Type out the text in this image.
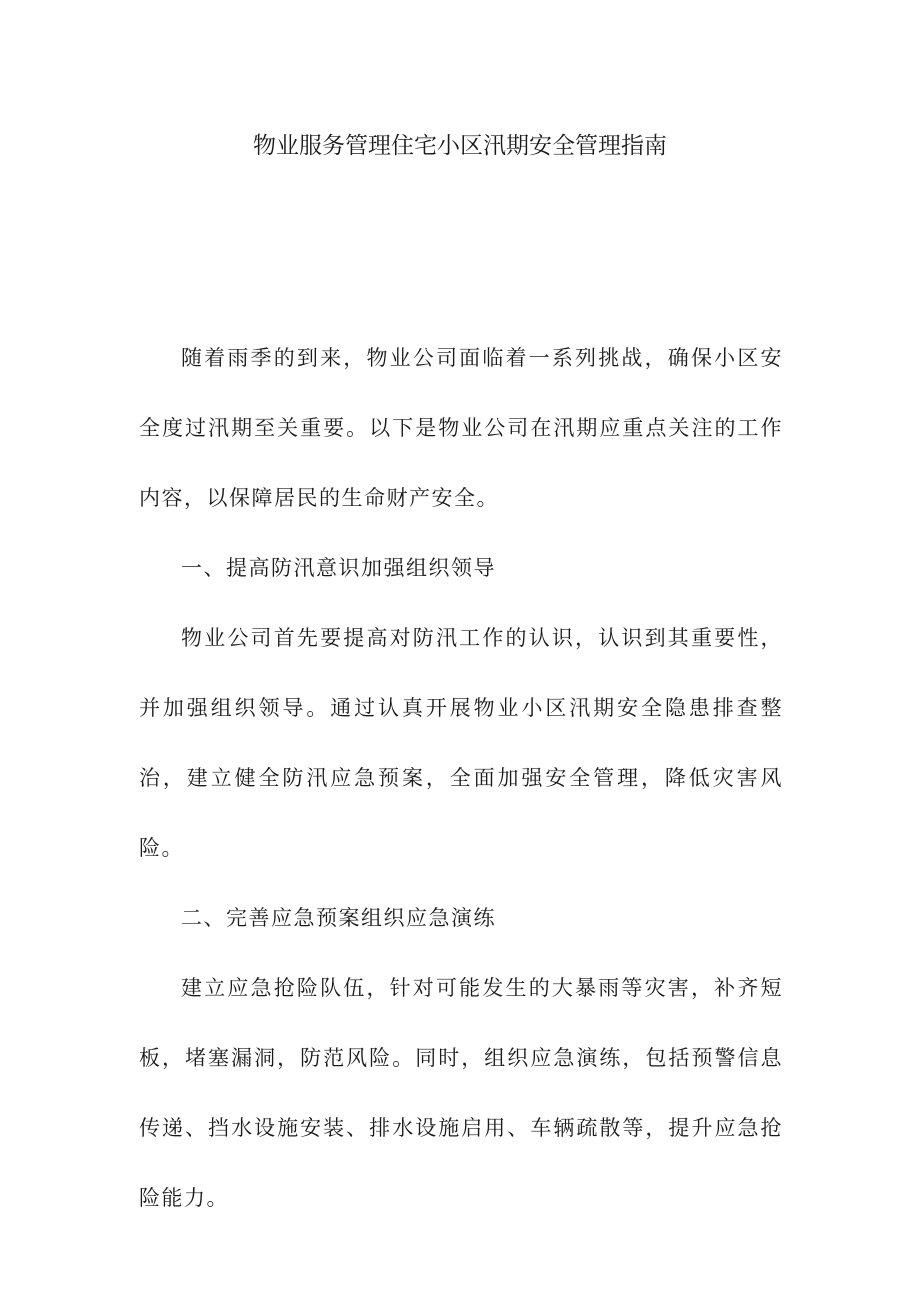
物业服务管理住宅小区汛期安全管理指南

随着雨季的到来，物业公司面临着一系列挑战，确保小区安全度过汛期至关重要。以下是物业公司在汛期应重点关注的工作内容，以保障居民的生命财产安全。

一、提高防汛意识加强组织领导

物业公司首先要提高对防汛工作的认识，认识到其重要性，并加强组织领导。通过认真开展物业小区汛期安全隐患排查整治，建立健全防汛应急预案，全面加强安全管理，降低灾害风险。

二、完善应急预案组织应急演练

建立应急抢险队伍，针对可能发生的大暴雨等灾害，补齐短板，堵塞漏洞，防范风险。同时，组织应急演练，包括预警信息传递、挡水设施安装、排水设施启用、车辆疏散等，提升应急抢险能力。
